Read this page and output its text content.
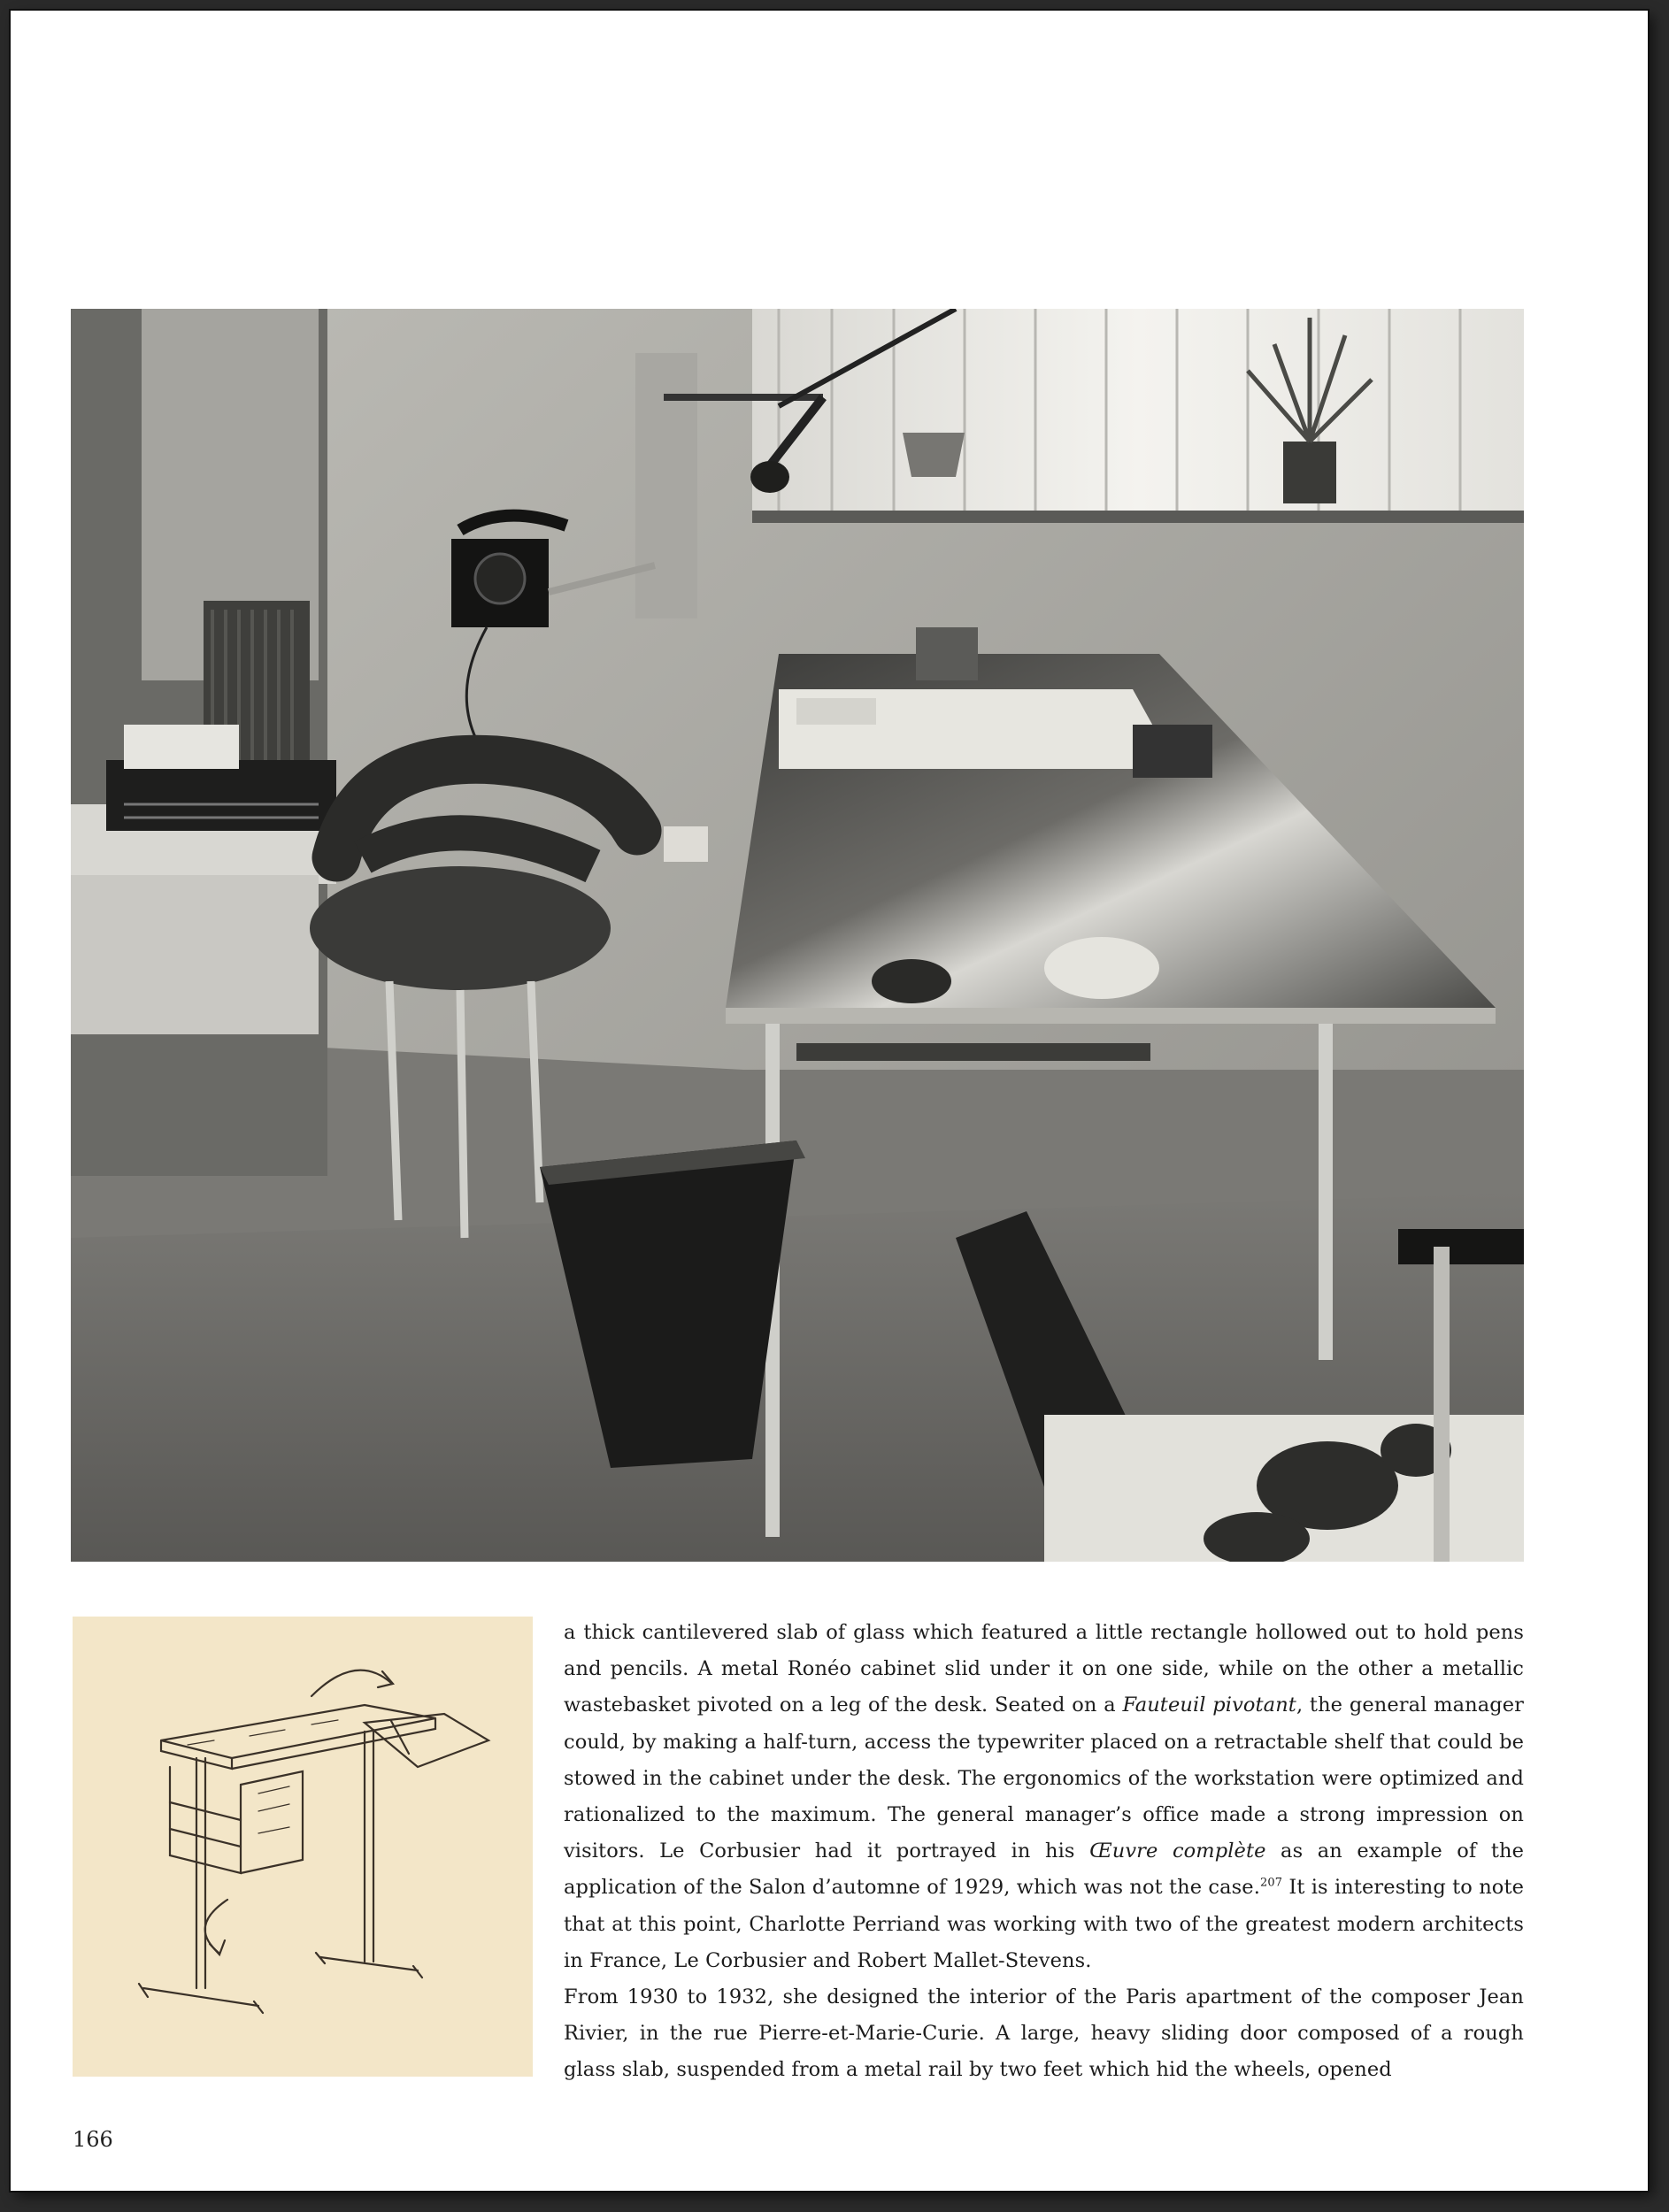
a thick cantilevered slab of glass which featured a little rectangle hollowed out to hold pens and pencils. A metal Ronéo cabinet slid under it on one side, while on the other a metallic wastebasket pivoted on a leg of the desk. Seated on a Fauteuil pivotant, the general manager could, by making a half-turn, access the typewriter placed on a retractable shelf that could be stowed in the cabinet under the desk. The ergonomics of the workstation were optimized and rationalized to the maximum. The general manager’s office made a strong impression on visitors. Le Corbusier had it portrayed in his Œuvre complète as an example of the application of the Salon d’automne of 1929, which was not the case.$^{207}$ It is interesting to note that at this point, Charlotte Perriand was working with two of the greatest modern architects in France, Le Corbusier and Robert Mallet-Stevens.

From 1930 to 1932, she designed the interior of the Paris apartment of the composer Jean Rivier, in the rue Pierre-et-Marie-Curie. A large, heavy sliding door composed of a rough glass slab, suspended from a metal rail by two feet which hid the wheels, opened

166
